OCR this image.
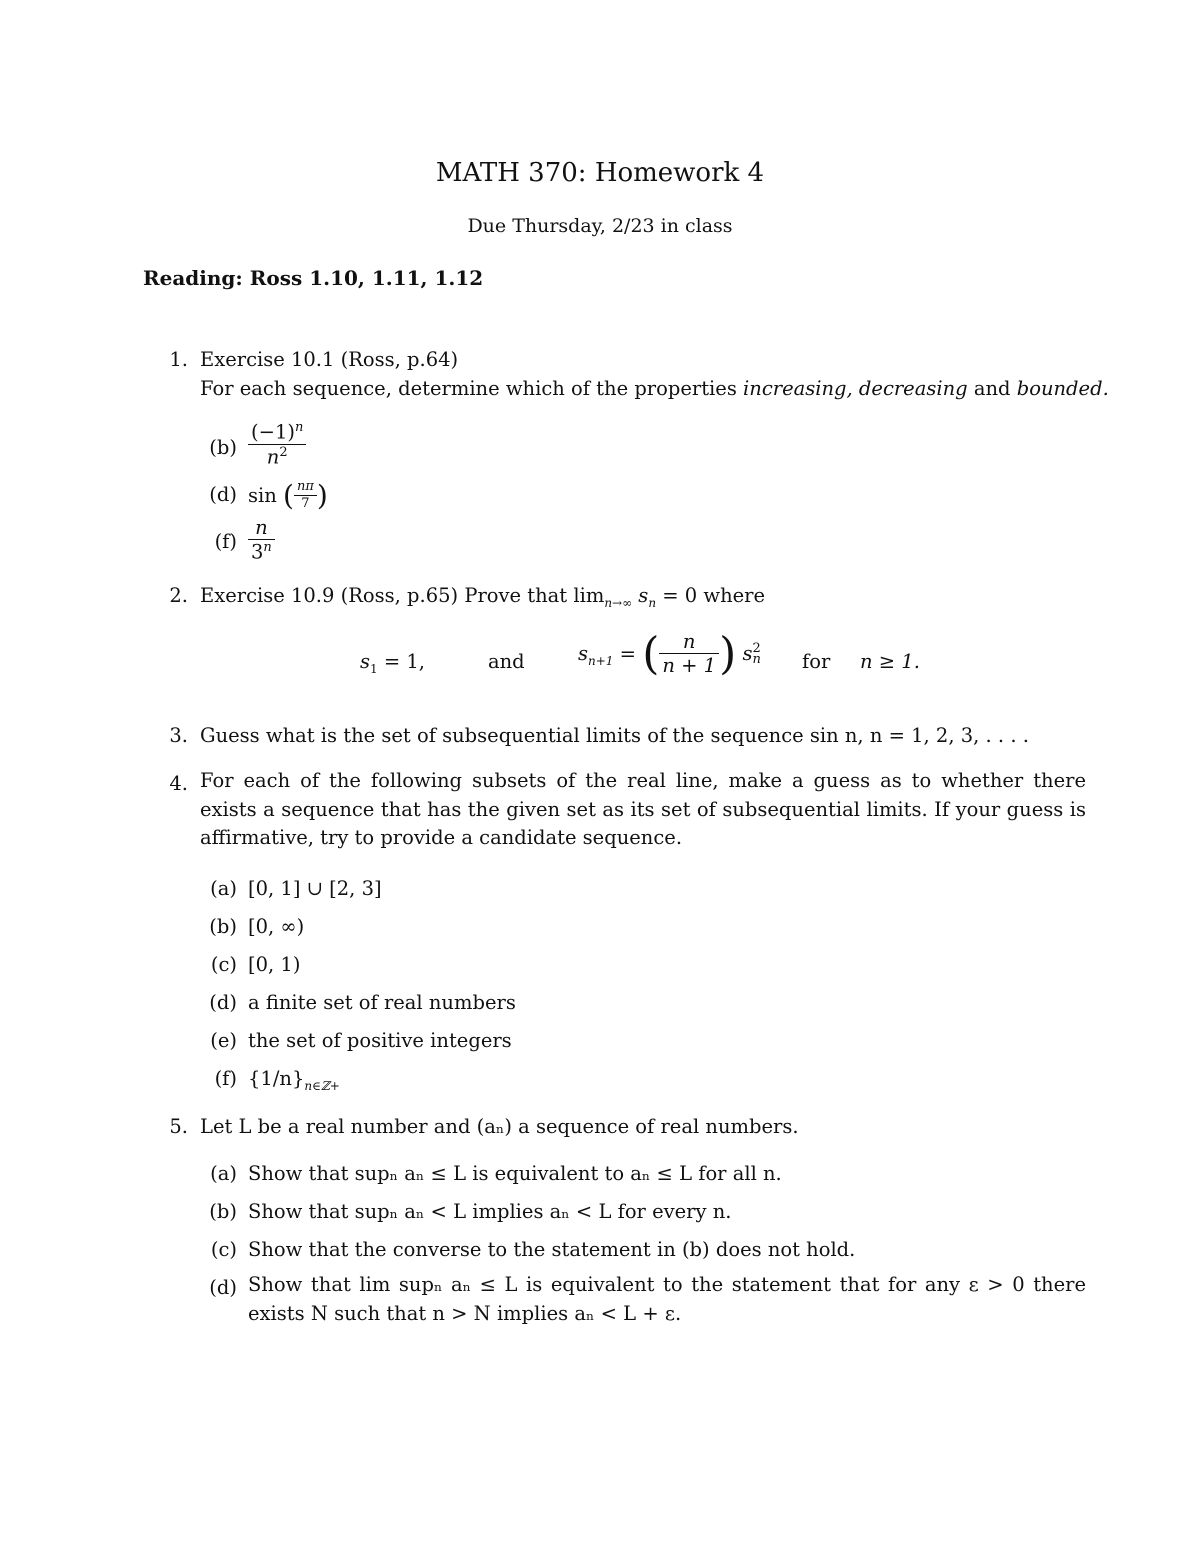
MATH 370: Homework 4
Due Thursday, 2/23 in class
Reading: Ross 1.10, 1.11, 1.12
1. Exercise 10.1 (Ross, p.64)
For each sequence, determine which of the properties increasing, decreasing and bounded.
$(b) \frac{(-1)^n}{n^2}$
(d) sin ( $\frac{n\pi}{7}$ )
$(f) \frac{n}{3^n}$
2. Exercise 10.9 (Ross, p.65) Prove that $\lim_{n\to\infty} s_n = 0$ where
$s_1 = 1$,	and	$s_{n+1}$ = ( $\frac{n}{n + 1}$ ) s 2
n for n ≥ 1.
3. Guess what is the set of subsequential limits of the sequence sin n, n = 1, 2, 3, . . . .
4. For each of the following subsets of the real line, make a guess as to whether there exists a sequence that has the given set as its set of subsequential limits. If your guess is affirmative, try to provide a candidate sequence.
(a) [0, 1] ∪ [2, 3]
(b) [0, ∞)
(c) [0, 1)
(d) a finite set of real numbers
(e) the set of positive integers
(f) $\{1/n\}_{n\in ℤ+}$
5. Let L be a real number and (aₙ) a sequence of real numbers.
(a) Show that supₙ aₙ ≤ L is equivalent to aₙ ≤ L for all n.
(b) Show that supₙ aₙ < L implies aₙ < L for every n.
(c) Show that the converse to the statement in (b) does not hold.
(d) Show that lim supₙ aₙ ≤ L is equivalent to the statement that for any ε > 0 there exists N such that n > N implies aₙ < L + ε.
